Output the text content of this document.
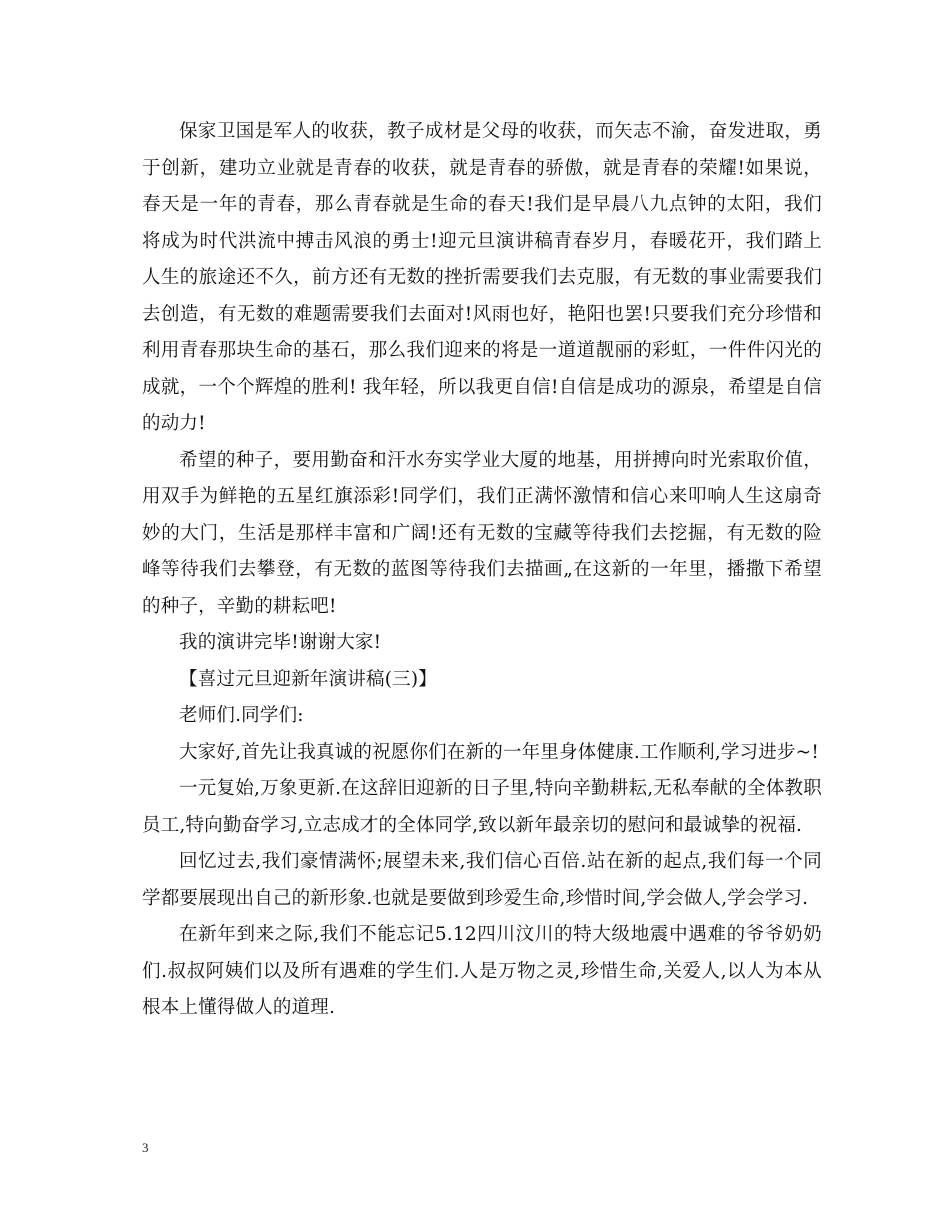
保家卫国是军人的收获，教子成材是父母的收获，而矢志不渝，奋发进取，勇于创新，建功立业就是青春的收获，就是青春的骄傲，就是青春的荣耀!如果说，春天是一年的青春，那么青春就是生命的春天!我们是早晨八九点钟的太阳，我们将成为时代洪流中搏击风浪的勇士!迎元旦演讲稿青春岁月，春暖花开，我们踏上人生的旅途还不久，前方还有无数的挫折需要我们去克服，有无数的事业需要我们去创造，有无数的难题需要我们去面对!风雨也好，艳阳也罢!只要我们充分珍惜和利用青春那块生命的基石，那么我们迎来的将是一道道靓丽的彩虹，一件件闪光的成就，一个个辉煌的胜利! 我年轻，所以我更自信!自信是成功的源泉，希望是自信的动力!

希望的种子，要用勤奋和汗水夯实学业大厦的地基，用拼搏向时光索取价值，用双手为鲜艳的五星红旗添彩!同学们，我们正满怀激情和信心来叩响人生这扇奇妙的大门，生活是那样丰富和广阔!还有无数的宝藏等待我们去挖掘，有无数的险峰等待我们去攀登，有无数的蓝图等待我们去描画„在这新的一年里，播撒下希望的种子，辛勤的耕耘吧!

我的演讲完毕!谢谢大家!

【喜过元旦迎新年演讲稿(三)】

老师们.同学们:

大家好,首先让我真诚的祝愿你们在新的一年里身体健康.工作顺利,学习进步~!

一元复始,万象更新.在这辞旧迎新的日子里,特向辛勤耕耘,无私奉献的全体教职员工,特向勤奋学习,立志成才的全体同学,致以新年最亲切的慰问和最诚挚的祝福.

回忆过去,我们豪情满怀;展望未来,我们信心百倍.站在新的起点,我们每一个同学都要展现出自己的新形象.也就是要做到珍爱生命,珍惜时间,学会做人,学会学习.

在新年到来之际,我们不能忘记5.12四川汶川的特大级地震中遇难的爷爷奶奶们.叔叔阿姨们以及所有遇难的学生们.人是万物之灵,珍惜生命,关爱人,以人为本从根本上懂得做人的道理.

3
